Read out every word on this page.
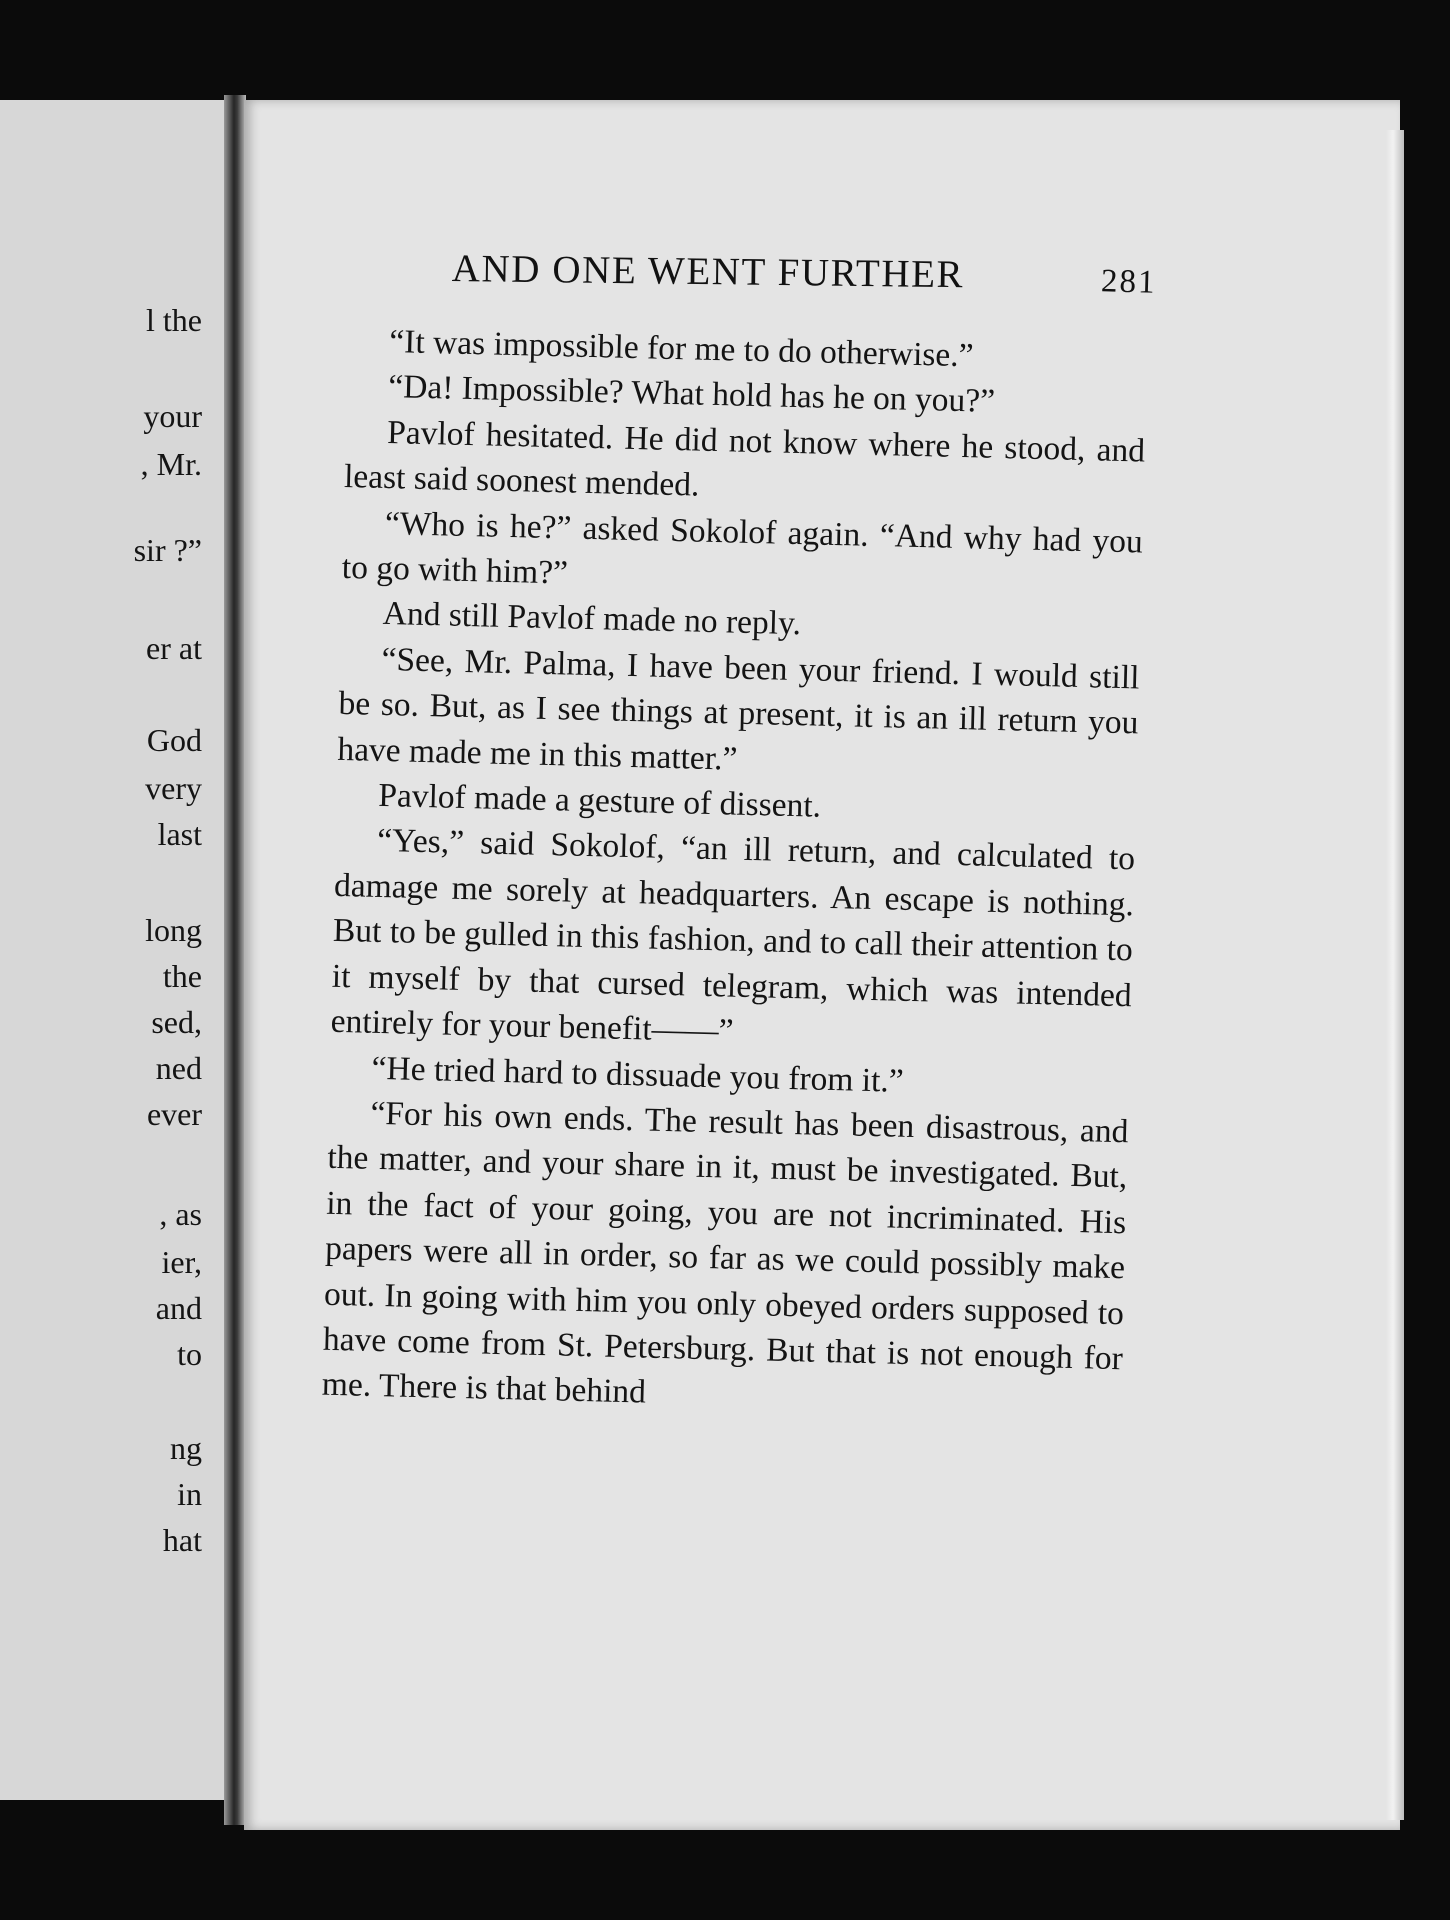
l the
your
, Mr.
sir ?”
er at
God
very
last
long
the
sed,
ned
ever
, as
ier,
and
to
ng
in
hat
AND ONE WENT FURTHER	281

“It was impossible for me to do otherwise.”

“Da! Impossible? What hold has he on you?”

Pavlof hesitated. He did not know where he stood, and least said soonest mended.

“Who is he?” asked Sokolof again. “And why had you to go with him?”

And still Pavlof made no reply.

“See, Mr. Palma, I have been your friend. I would still be so. But, as I see things at present, it is an ill return you have made me in this matter.”

Pavlof made a gesture of dissent.

“Yes,” said Sokolof, “an ill return, and calculated to damage me sorely at headquarters. An escape is nothing. But to be gulled in this fashion, and to call their attention to it myself by that cursed telegram, which was intended entirely for your benefit——”

“He tried hard to dissuade you from it.”

“For his own ends. The result has been disastrous, and the matter, and your share in it, must be investigated. But, in the fact of your going, you are not incriminated. His papers were all in order, so far as we could possibly make out. In going with him you only obeyed orders supposed to have come from St. Petersburg. But that is not enough for me. There is that behind
